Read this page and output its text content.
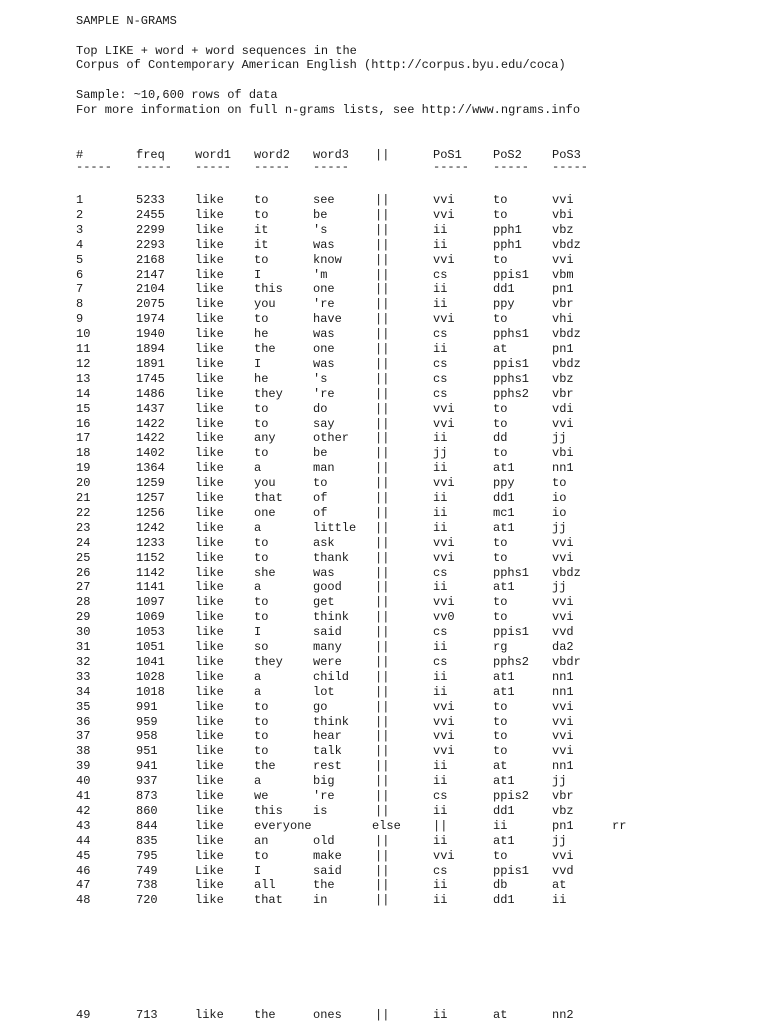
SAMPLE N-GRAMS
Top LIKE + word + word sequences in the
Corpus of Contemporary American English (http://corpus.byu.edu/coca)
Sample: ~10,600 rows of data
For more information on full n-grams lists, see http://www.ngrams.info
#	freq	word1 word2 word3 ||	PoS1	PoS2	PoS3
----- ----- ----- ----- -----	----- ----- -----
1	5233	like	to	see	||	vvi	to	vvi
2	2455	like	to	be	||	vvi	to	vbi
3	2299	like	it	's	||	ii	pph1	vbz
4	2293	like	it	was	||	ii	pph1	vbdz
5	2168	like	to	know	||	vvi	to	vvi
6	2147	like	I	'm	||	cs	ppis1 vbm
7	2104	like	this	one	||	ii	dd1	pn1
8	2075	like	you	're	||	ii	ppy	vbr
9	1974	like	to	have	||	vvi	to	vhi
10	1940	like	he	was	||	cs	pphs1 vbdz
11	1894	like	the	one	||	ii	at	pn1
12	1891	like	I	was	||	cs	ppis1 vbdz
13	1745	like	he	's	||	cs	pphs1 vbz
14	1486	like	they	're	||	cs	pphs2 vbr
15	1437	like	to	do	||	vvi	to	vdi
16	1422	like	to	say	||	vvi	to	vvi
17	1422	like	any	other ||	ii	dd	jj
18	1402	like	to	be	||	jj	to	vbi
19	1364	like	a	man	||	ii	at1	nn1
20	1259	like	you	to	||	vvi	ppy	to
21	1257	like	that	of	||	ii	dd1	io
22	1256	like	one	of	||	ii	mc1	io
23	1242	like	a	little ||	ii	at1	jj
24	1233	like	to	ask	||	vvi	to	vvi
25	1152	like	to	thank ||	vvi	to	vvi
26	1142	like	she	was	||	cs	pphs1 vbdz
27	1141	like	a	good	||	ii	at1	jj
28	1097	like	to	get	||	vvi	to	vvi
29	1069	like	to	think ||	vv0	to	vvi
30	1053	like	I	said	||	cs	ppis1 vvd
31	1051	like	so	many	||	ii	rg	da2
32	1041	like	they	were	||	cs	pphs2 vbdr
33	1028	like	a	child ||	ii	at1	nn1
34	1018	like	a	lot	||	ii	at1	nn1
35	991	like	to	go	||	vvi	to	vvi
36	959	like	to	think ||	vvi	to	vvi
37	958	like	to	hear	||	vvi	to	vvi
38	951	like	to	talk	||	vvi	to	vvi
39	941	like	the	rest	||	ii	at	nn1
40	937	like	a	big	||	ii	at1	jj
41	873	like	we	're	||	cs	ppis2 vbr
42	860	like	this	is	||	ii	dd1	vbz
43	844	like	everyone	else	||	ii	pn1	rr
44	835	like	an	old	||	ii	at1	jj
45	795	like	to	make	||	vvi	to	vvi
46	749	Like	I	said	||	cs	ppis1 vvd
47	738	like	all	the	||	ii	db	at
48	720	like	that	in	||	ii	dd1	ii
49	713	like	the	ones	||	ii	at	nn2
